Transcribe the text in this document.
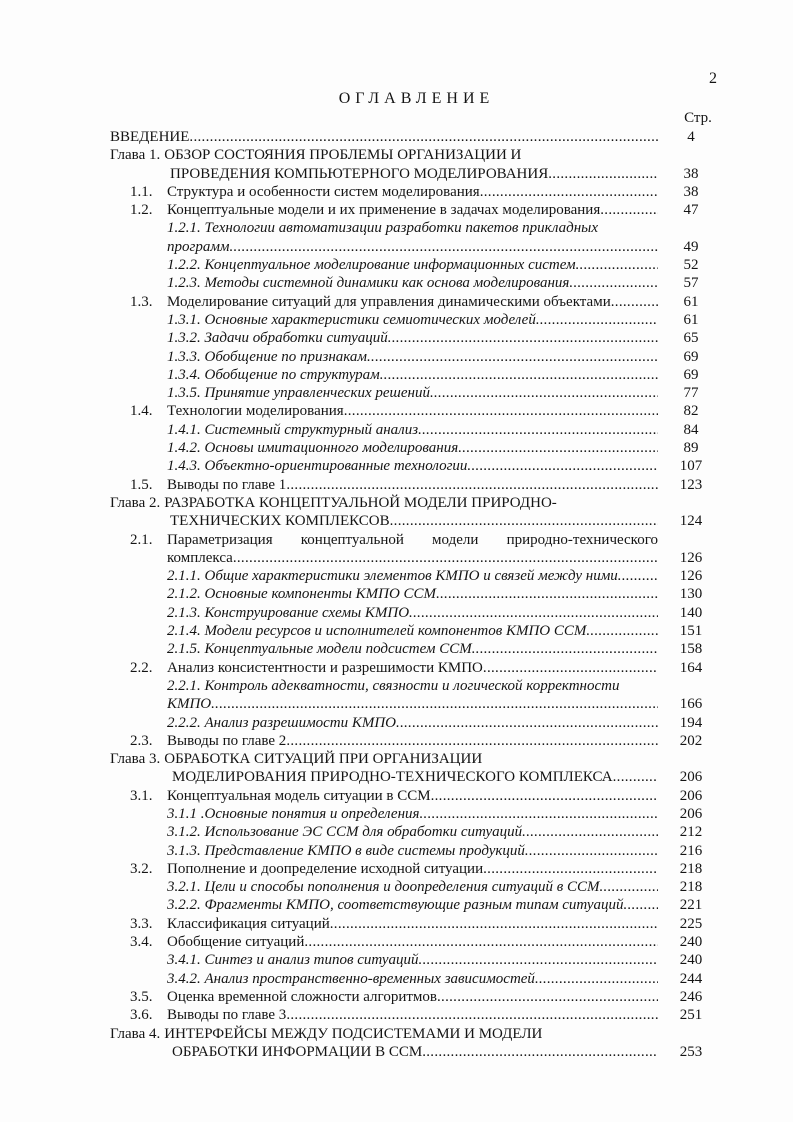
2
ОГЛАВЛЕНИЕ
Стр.
ВВЕДЕНИЕ .....	4
Глава 1. ОБЗОР СОСТОЯНИЯ ПРОБЛЕМЫ ОРГАНИЗАЦИИ И
ПРОВЕДЕНИЯ КОМПЬЮТЕРНОГО МОДЕЛИРОВАНИЯ .....	38
1.1. Структура и особенности систем моделирования .....	38
1.2. Концептуальные модели и их применение в задачах моделирования .....	47
1.2.1. Технологии автоматизации разработки пакетов прикладных
программ .....	49
1.2.2. Концептуальное моделирование информационных систем .....	52
1.2.3. Методы системной динамики как основа моделирования .....	57
1.3. Моделирование ситуаций для управления динамическими объектами .....	61
1.3.1. Основные характеристики семиотических моделей .....	61
1.3.2. Задачи обработки ситуаций .....	65
1.3.3. Обобщение по признакам .....	69
1.3.4. Обобщение по структурам .....	69
1.3.5. Принятие управленческих решений .....	77
1.4. Технологии моделирования .....	82
1.4.1. Системный структурный анализ .....	84
1.4.2. Основы имитационного моделирования .....	89
1.4.3. Объектно-ориентированные технологии .....	107
1.5. Выводы по главе 1 .....	123
Глава 2. РАЗРАБОТКА КОНЦЕПТУАЛЬНОЙ МОДЕЛИ ПРИРОДНО-
ТЕХНИЧЕСКИХ КОМПЛЕКСОВ .....	124
2.1. Параметризация концептуальной модели природно-технического
комплекса .....	126
2.1.1. Общие характеристики элементов КМПО и связей между ними .....	126
2.1.2. Основные компоненты КМПО ССМ .....	130
2.1.3. Конструирование схемы КМПО .....	140
2.1.4. Модели ресурсов и исполнителей компонентов КМПО ССМ .....	151
2.1.5. Концептуальные модели подсистем ССМ .....	158
2.2. Анализ консистентности и разрешимости КМПО .....	164
2.2.1. Контроль адекватности, связности и логической корректности
КМПО .....	166
2.2.2. Анализ разрешимости КМПО .....	194
2.3. Выводы по главе 2 .....	202
Глава 3. ОБРАБОТКА СИТУАЦИЙ ПРИ ОРГАНИЗАЦИИ
МОДЕЛИРОВАНИЯ ПРИРОДНО-ТЕХНИЧЕСКОГО КОМПЛЕКСА .....	206
3.1. Концептуальная модель ситуации в ССМ .....	206
3.1.1 .Основные понятия и определения .....	206
3.1.2. Использование ЭС ССМ для обработки ситуаций .....	212
3.1.3. Представление КМПО в виде системы продукций .....	216
3.2. Пополнение и доопределение исходной ситуации .....	218
3.2.1. Цели и способы пополнения и доопределения ситуаций в ССМ .....	218
3.2.2. Фрагменты КМПО, соответствующие разным типам ситуаций .....	221
3.3. Классификация ситуаций .....	225
3.4. Обобщение ситуаций .....	240
3.4.1. Синтез и анализ типов ситуаций .....	240
3.4.2. Анализ пространственно-временных зависимостей .....	244
3.5. Оценка временной сложности алгоритмов .....	246
3.6. Выводы по главе 3 .....	251
Глава 4. ИНТЕРФЕЙСЫ МЕЖДУ ПОДСИСТЕМАМИ И МОДЕЛИ
ОБРАБОТКИ ИНФОРМАЦИИ В ССМ .....	253
